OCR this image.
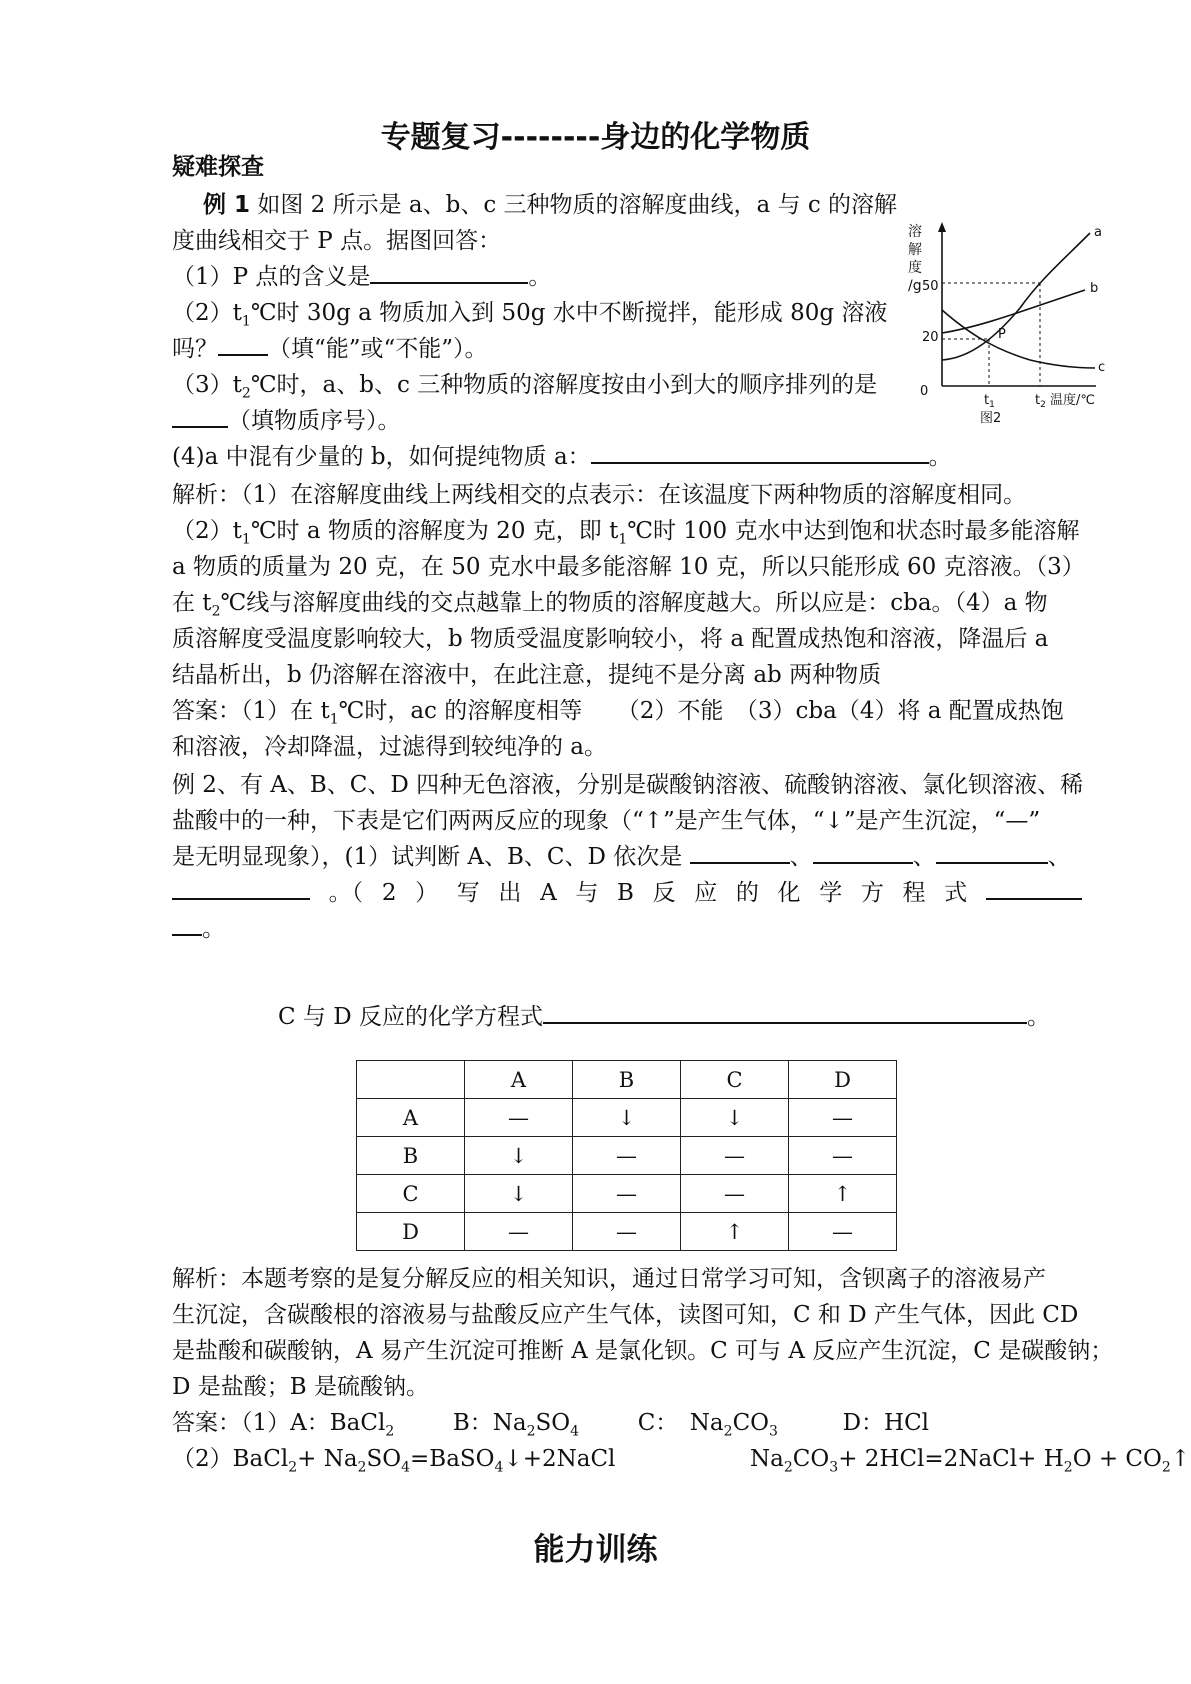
专题复习--------身边的化学物质
疑难探查
例 1 如图 2 所示是 a、b、c 三种物质的溶解度曲线，a 与 c 的溶解
度曲线相交于 P 点。据图回答：
（1）P 点的含义是	。
$(2)t_1℃$时 30g a 物质加入到 50g 水中不断搅拌，能形成 80g 溶液
吗？ （填“能”或“不能”）。
$(3)t_2℃$时，a、b、c 三种物质的溶解度按由小到大的顺序排列的是
（填物质序号）。
(4)a 中混有少量的 b，如何提纯物质 a：	。
溶
解
度
/g 50
20
0
a
b
c
P
$t_1$	$t_2$ 温度/℃
图2
解析：（1）在溶解度曲线上两线相交的点表示：在该温度下两种物质的溶解度相同。
$(2)t_1℃$时 a 物质的溶解度为 20 克，即 $t_1℃$时 100 克水中达到饱和状态时最多能溶解
a 物质的质量为 20 克，在 50 克水中最多能溶解 10 克，所以只能形成 60 克溶液。（3）
在 $t_2℃$线与溶解度曲线的交点越靠上的物质的溶解度越大。所以应是：cba。（4）a 物
质溶解度受温度影响较大，b 物质受温度影响较小，将 a 配置成热饱和溶液，降温后 a
结晶析出，b 仍溶解在溶液中，在此注意，提纯不是分离 ab 两种物质
答案：（1）在 $t_1℃$时，ac 的溶解度相等　　（2）不能　（3）cba（4）将 a 配置成热饱
和溶液，冷却降温，过滤得到较纯净的 a。
例 2、有 A、B、C、D 四种无色溶液，分别是碳酸钠溶液、硫酸钠溶液、氯化钡溶液、稀
盐酸中的一种，下表是它们两两反应的现象（“↑”是产生气体，“↓”是产生沉淀，“—”
是无明显现象），(1）试判断 A、B、C、D 依次是	、	、	、
。（ 2 ） 写 出 A 与 B 反 应 的 化 学 方 程 式
。
C 与 D 反应的化学方程式	。
	A	B	C	D
A	—	↓	↓	—
B	↓	—	—	—
C	↓	—	—	↑
D	—	—	↑	—
解析：本题考察的是复分解反应的相关知识，通过日常学习可知，含钡离子的溶液易产
生沉淀，含碳酸根的溶液易与盐酸反应产生气体，读图可知，C 和 D 产生气体，因此 CD
是盐酸和碳酸钠，A 易产生沉淀可推断 A 是氯化钡。C 可与 A 反应产生沉淀，C 是碳酸钠；
D 是盐酸；B 是硫酸钠。
答案：（1）A：BaCl$_2$	B：$Na_2SO_4$	C：　$Na_2CO_3$	D：HCl
（2）BaCl$_2$+ $Na_2SO_4=BaSO_4↓+2NaCl$	$Na_2CO_3+$ 2HCl=2NaCl+ $H_2O$ + $CO_2↑$
能力训练
